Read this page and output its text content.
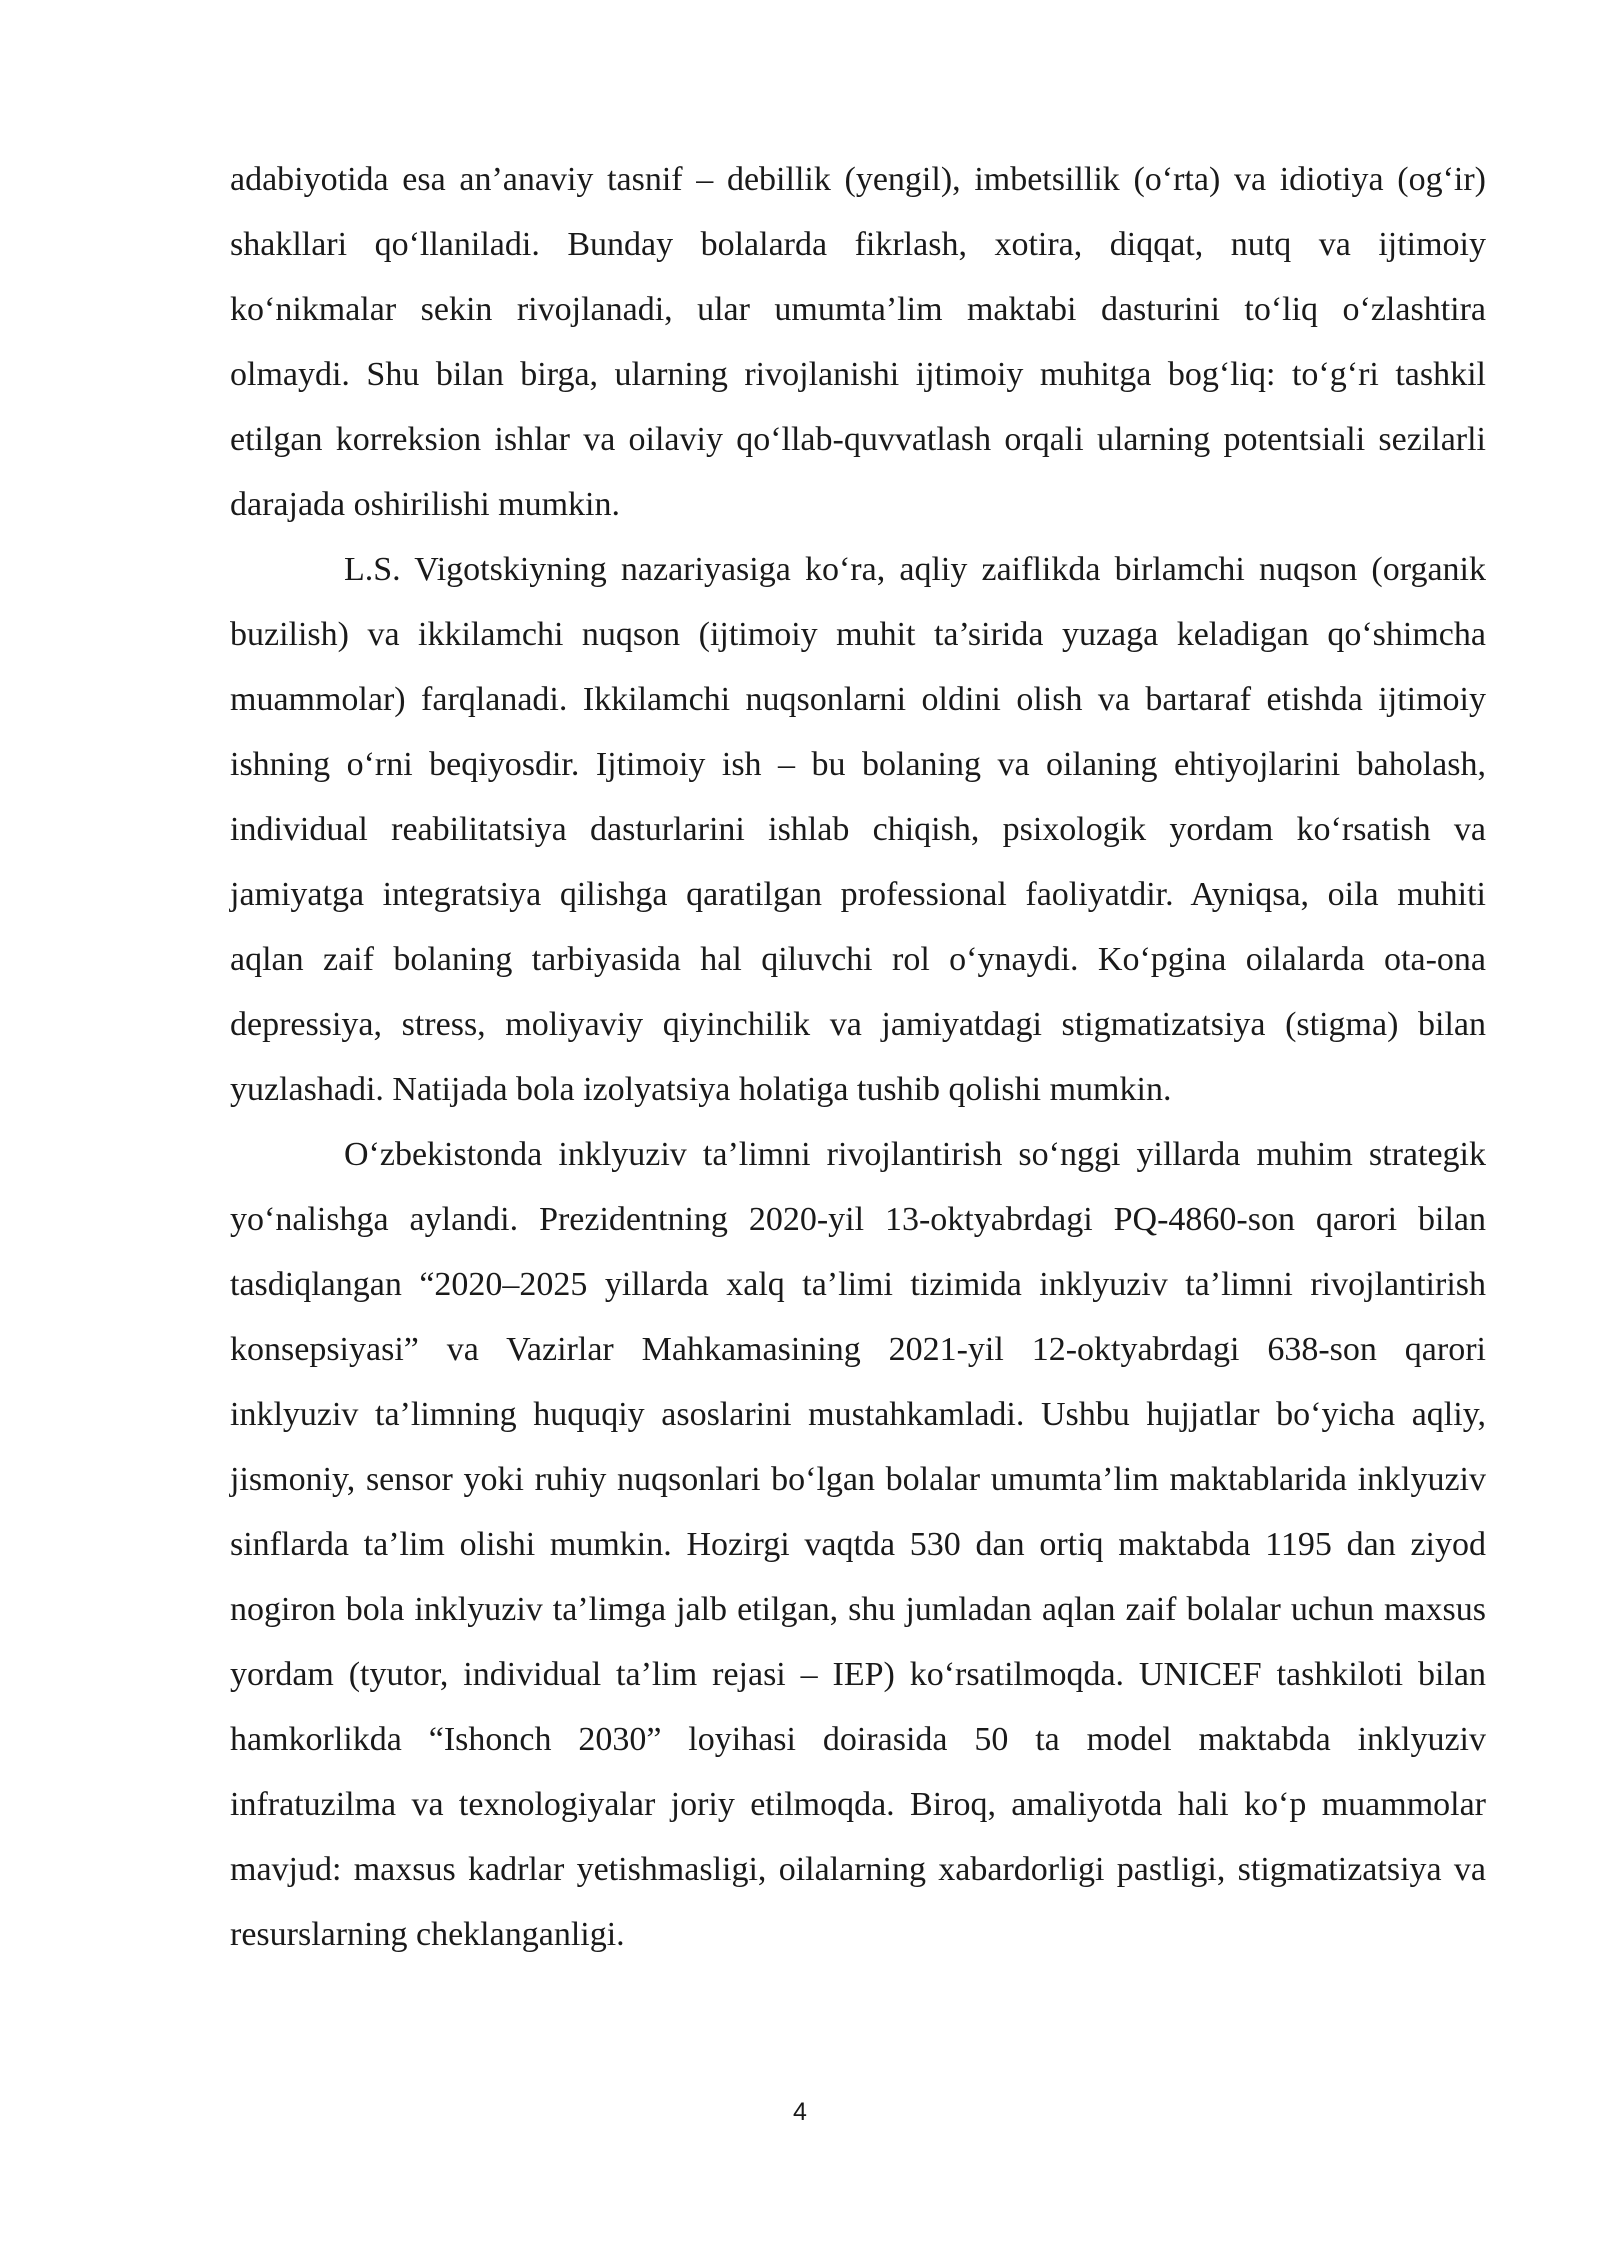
adabiyotida esa an’anaviy tasnif – debillik (yengil), imbetsillik (o‘rta) va idiotiya (og‘ir) shakllari qo‘llaniladi. Bunday bolalarda fikrlash, xotira, diqqat, nutq va ijtimoiy ko‘nikmalar sekin rivojlanadi, ular umumta’lim maktabi dasturini to‘liq o‘zlashtira olmaydi. Shu bilan birga, ularning rivojlanishi ijtimoiy muhitga bog‘liq: to‘g‘ri tashkil etilgan korreksion ishlar va oilaviy qo‘llab-quvvatlash orqali ularning potentsiali sezilarli darajada oshirilishi mumkin.

L.S. Vigotskiyning nazariyasiga ko‘ra, aqliy zaiflikda birlamchi nuqson (organik buzilish) va ikkilamchi nuqson (ijtimoiy muhit ta’sirida yuzaga keladigan qo‘shimcha muammolar) farqlanadi. Ikkilamchi nuqsonlarni oldini olish va bartaraf etishda ijtimoiy ishning o‘rni beqiyosdir. Ijtimoiy ish – bu bolaning va oilaning ehtiyojlarini baholash, individual reabilitatsiya dasturlarini ishlab chiqish, psixologik yordam ko‘rsatish va jamiyatga integratsiya qilishga qaratilgan professional faoliyatdir. Ayniqsa, oila muhiti aqlan zaif bolaning tarbiyasida hal qiluvchi rol o‘ynaydi. Ko‘pgina oilalarda ota-ona depressiya, stress, moliyaviy qiyinchilik va jamiyatdagi stigmatizatsiya (stigma) bilan yuzlashadi. Natijada bola izolyatsiya holatiga tushib qolishi mumkin.

O‘zbekistonda inklyuziv ta’limni rivojlantirish so‘nggi yillarda muhim strategik yo‘nalishga aylandi. Prezidentning 2020-yil 13-oktyabrdagi PQ-4860-son qarori bilan tasdiqlangan “2020–2025 yillarda xalq ta’limi tizimida inklyuziv ta’limni rivojlantirish konsepsiyasi” va Vazirlar Mahkamasining 2021-yil 12-oktyabrdagi 638-son qarori inklyuziv ta’limning huquqiy asoslarini mustahkamladi. Ushbu hujjatlar bo‘yicha aqliy, jismoniy, sensor yoki ruhiy nuqsonlari bo‘lgan bolalar umumta’lim maktablarida inklyuziv sinflarda ta’lim olishi mumkin. Hozirgi vaqtda 530 dan ortiq maktabda 1195 dan ziyod nogiron bola inklyuziv ta’limga jalb etilgan, shu jumladan aqlan zaif bolalar uchun maxsus yordam (tyutor, individual ta’lim rejasi – IEP) ko‘rsatilmoqda. UNICEF tashkiloti bilan hamkorlikda “Ishonch 2030” loyihasi doirasida 50 ta model maktabda inklyuziv infratuzilma va texnologiyalar joriy etilmoqda. Biroq, amaliyotda hali ko‘p muammolar mavjud: maxsus kadrlar yetishmasligi, oilalarning xabardorligi pastligi, stigmatizatsiya va resurslarning cheklanganligi.

4
